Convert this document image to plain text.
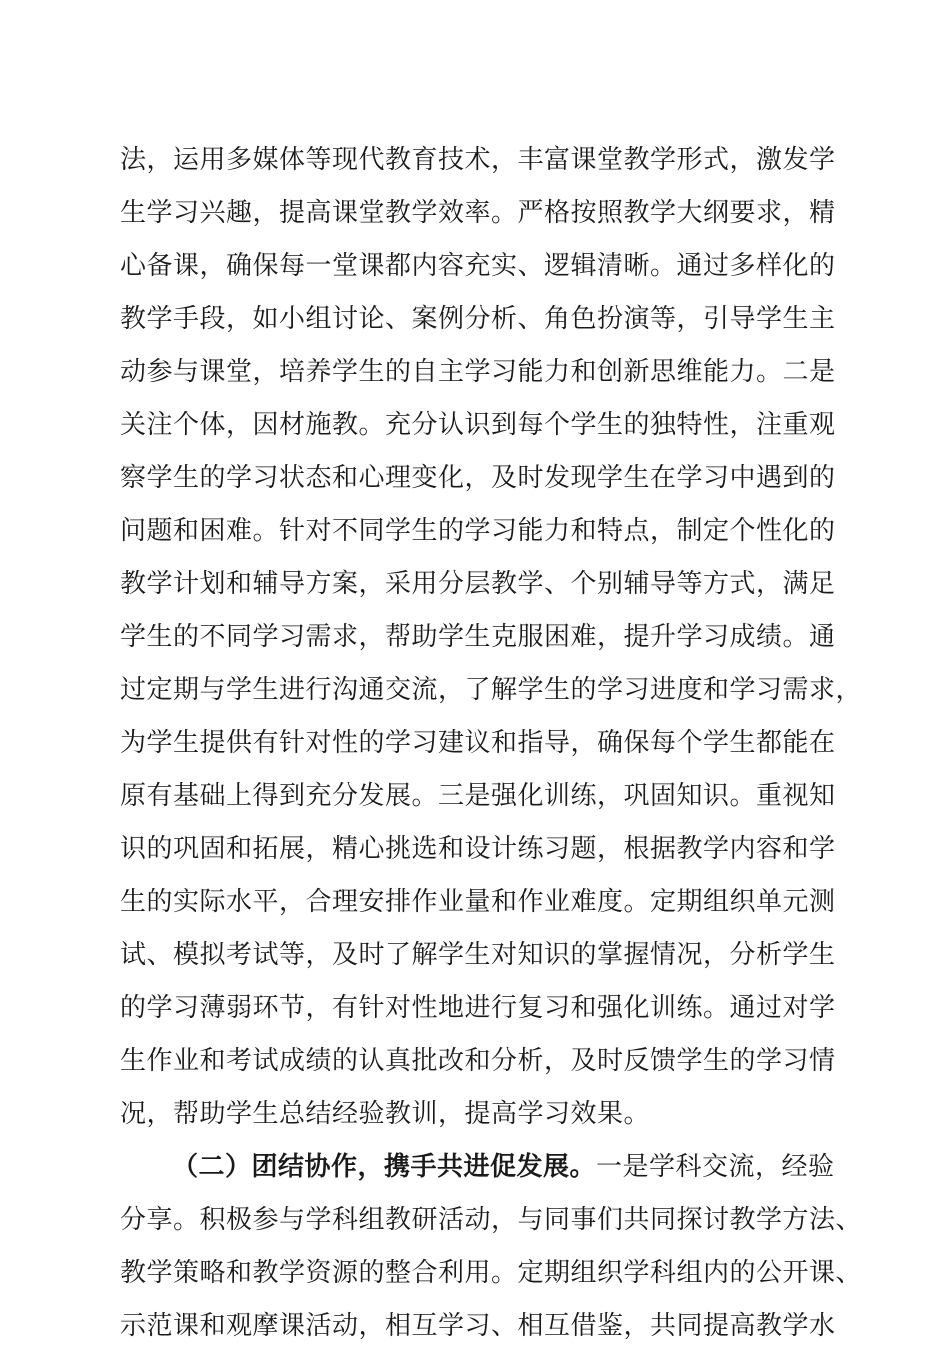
法，运用多媒体等现代教育技术，丰富课堂教学形式，激发学
生学习兴趣，提高课堂教学效率。严格按照教学大纲要求，精
心备课，确保每一堂课都内容充实、逻辑清晰。通过多样化的
教学手段，如小组讨论、案例分析、角色扮演等，引导学生主
动参与课堂，培养学生的自主学习能力和创新思维能力。二是
关注个体，因材施教。充分认识到每个学生的独特性，注重观
察学生的学习状态和心理变化，及时发现学生在学习中遇到的
问题和困难。针对不同学生的学习能力和特点，制定个性化的
教学计划和辅导方案，采用分层教学、个别辅导等方式，满足
学生的不同学习需求，帮助学生克服困难，提升学习成绩。通
过定期与学生进行沟通交流，了解学生的学习进度和学习需求，
为学生提供有针对性的学习建议和指导，确保每个学生都能在
原有基础上得到充分发展。三是强化训练，巩固知识。重视知
识的巩固和拓展，精心挑选和设计练习题，根据教学内容和学
生的实际水平，合理安排作业量和作业难度。定期组织单元测
试、模拟考试等，及时了解学生对知识的掌握情况，分析学生
的学习薄弱环节，有针对性地进行复习和强化训练。通过对学
生作业和考试成绩的认真批改和分析，及时反馈学生的学习情
况，帮助学生总结经验教训，提高学习效果。
（二）团结协作，携手共进促发展。一是学科交流，经验
分享。积极参与学科组教研活动，与同事们共同探讨教学方法、
教学策略和教学资源的整合利用。定期组织学科组内的公开课、
示范课和观摩课活动，相互学习、相互借鉴，共同提高教学水
